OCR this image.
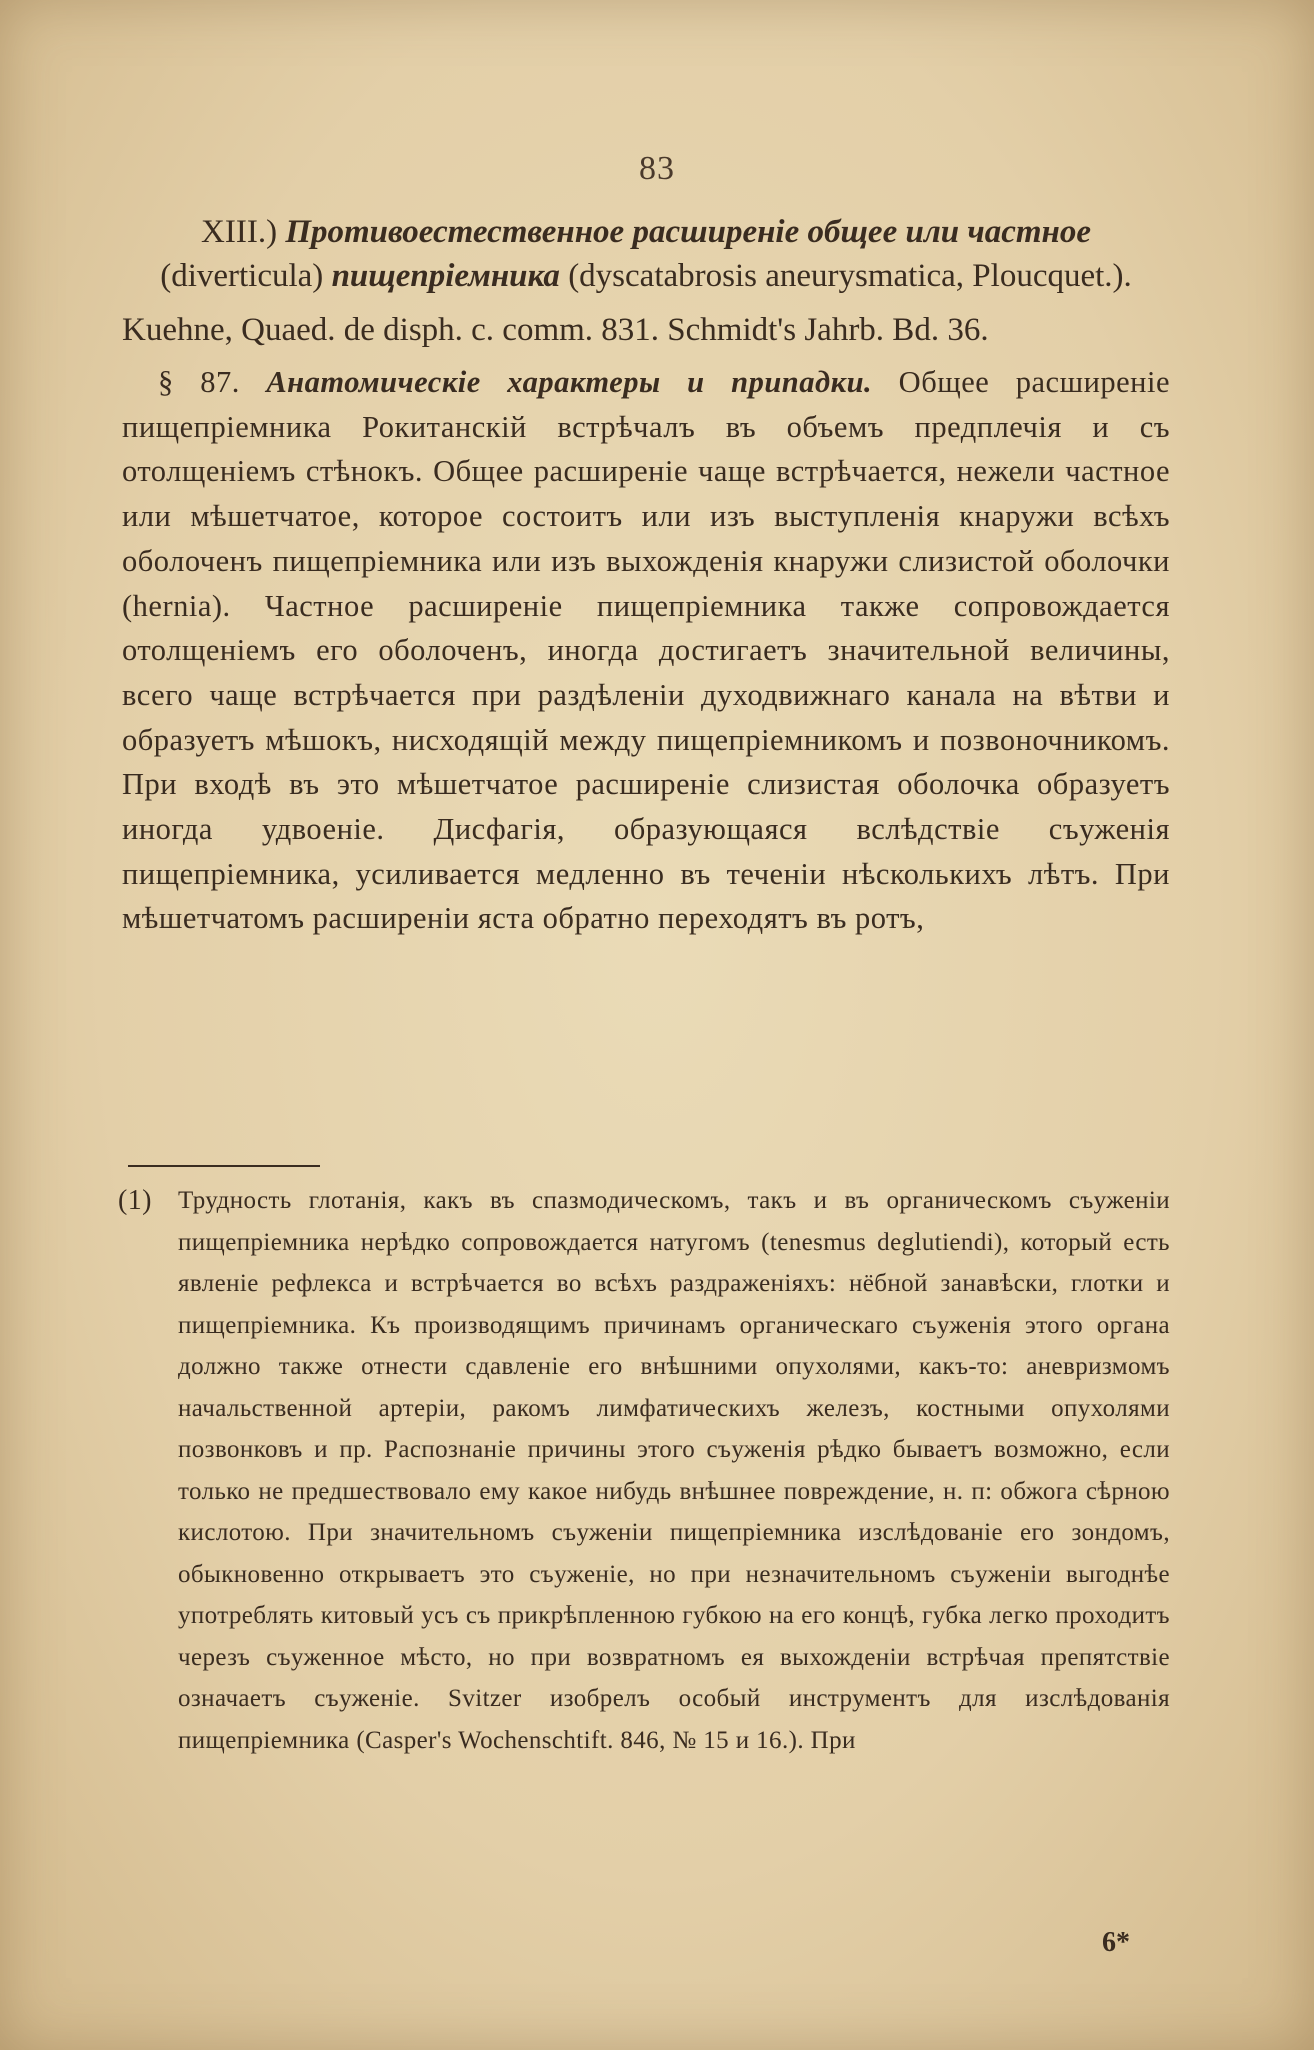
83

XIII.) Противоестественное расширеніе общее или частное (diverticula) пищепріемника (dyscatabrosis aneurysmatica, Ploucquet.).

Kuehne, Quaed. de disph. c. comm. 831. Schmidt's Jahrb. Bd. 36.

§ 87. Анатомическіе характеры и припадки. Общее расширеніе пищепріемника Рокитанскій встрѣчалъ въ объемъ предплечія и съ отолщеніемъ стѣнокъ. Общее расширеніе чаще встрѣчается, нежели частное или мѣшетчатое, которое состоитъ или изъ выступленія кнаружи всѣхъ оболоченъ пищепріемника или изъ выхожденія кнаружи слизистой оболочки (hernia). Частное расширеніе пищепріемника также сопровождается отолщеніемъ его оболоченъ, иногда достигаетъ значительной величины, всего чаще встрѣчается при раздѣленіи духодвижнаго канала на вѣтви и образуетъ мѣшокъ, нисходящій между пищепріемникомъ и позвоночникомъ. При входѣ въ это мѣшетчатое расширеніе слизистая оболочка образуетъ иногда удвоеніе. Дисфагія, образующаяся вслѣдствіе съуженія пищепріемника, усиливается медленно въ теченіи нѣсколькихъ лѣтъ. При мѣшетчатомъ расширеніи яста обратно переходятъ въ ротъ,

(1) Трудность глотанія, какъ въ спазмодическомъ, такъ и въ органическомъ съуженіи пищепріемника нерѣдко сопровождается натугомъ (tenesmus deglutiendi), который есть явленіе рефлекса и встрѣчается во всѣхъ раздраженіяхъ: нёбной занавѣски, глотки и пищепріемника. Къ производящимъ причинамъ органическаго съуженія этого органа должно также отнести сдавленіе его внѣшними опухолями, какъ-то: аневризмомъ начальственной артеріи, ракомъ лимфатическихъ железъ, костными опухолями позвонковъ и пр. Распознаніе причины этого съуженія рѣдко бываетъ возможно, если только не предшествовало ему какое нибудь внѣшнее повреждение, н. п: обжога сѣрною кислотою. При значительномъ съуженіи пищепріемника изслѣдованіе его зондомъ, обыкновенно открываетъ это съуженіе, но при незначительномъ съуженіи выгоднѣе употреблять китовый усъ съ прикрѣпленною губкою на его концѣ, губка легко проходитъ черезъ съуженное мѣсто, но при возвратномъ ея выхожденіи встрѣчая препятствіе означаетъ съуженіе. Svitzer изобрелъ особый инструментъ для изслѣдованія пищепріемника (Casper's Wochenschtift. 846, № 15 и 16.). При
6*
